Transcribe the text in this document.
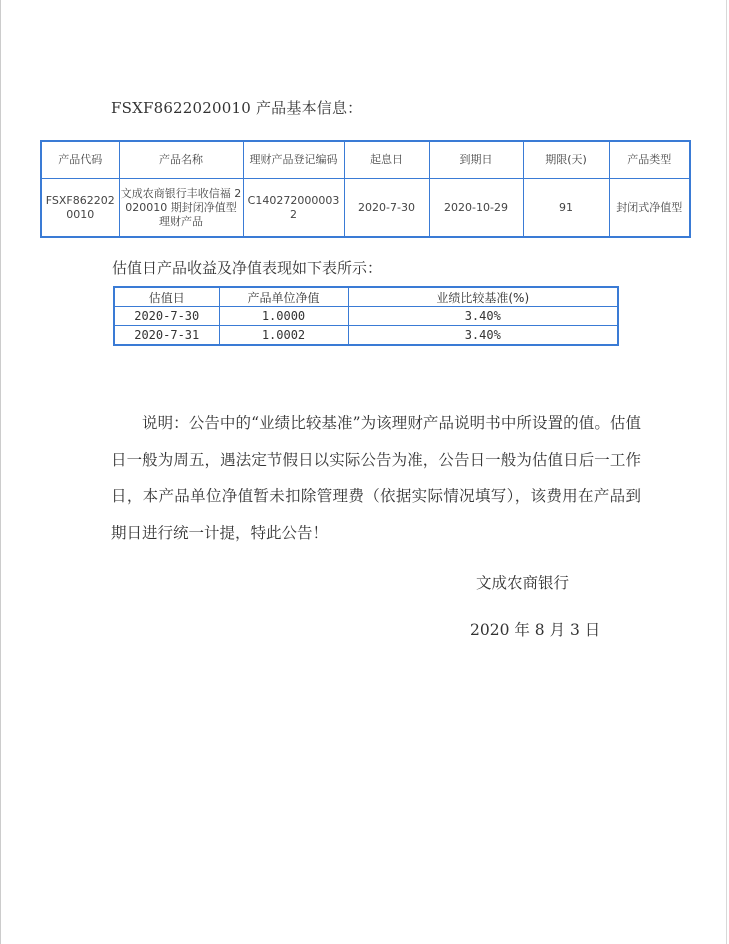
FSXF8622020010 产品基本信息：
产品代码	产品名称	理财产品登记编码	起息日	到期日	期限(天)	产品类型
FSXF8622020010	文成农商银行丰收信福 2020010 期封闭净值型理财产品	C1402720000032	2020-7-30	2020-10-29	91	封闭式净值型
估值日产品收益及净值表现如下表所示：
估值日	产品单位净值	业绩比较基准(%)
2020-7-30	1.0000	3.40%
2020-7-31	1.0002	3.40%
说明：公告中的“业绩比较基准”为该理财产品说明书中所设置的值。估值日一般为周五，遇法定节假日以实际公告为准，公告日一般为估值日后一工作日，本产品单位净值暂未扣除管理费（依据实际情况填写），该费用在产品到期日进行统一计提，特此公告！
文成农商银行
2020 年 8 月 3 日
